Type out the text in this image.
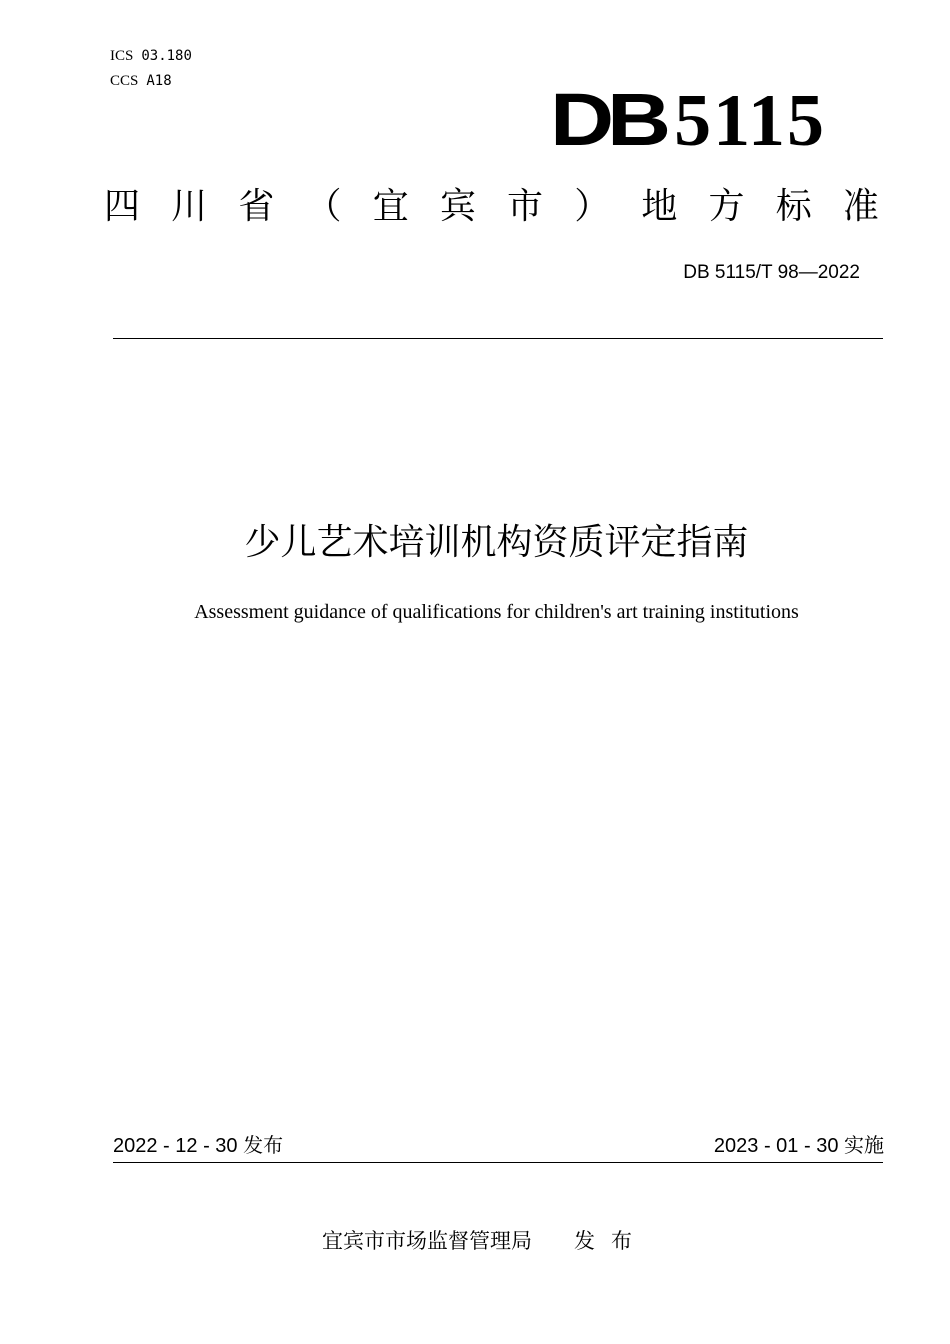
ICS 03.180
CCS A18	DB 5115
四 川 省 （ 宜 宾 市 ） 地 方 标 准
DB 5115/T 98—2022
少儿艺术培训机构资质评定指南
Assessment guidance of qualifications for children's art training institutions
2022 - 12 - 30 发布	2023 - 01 - 30 实施
宜宾市市场监督管理局 发布
